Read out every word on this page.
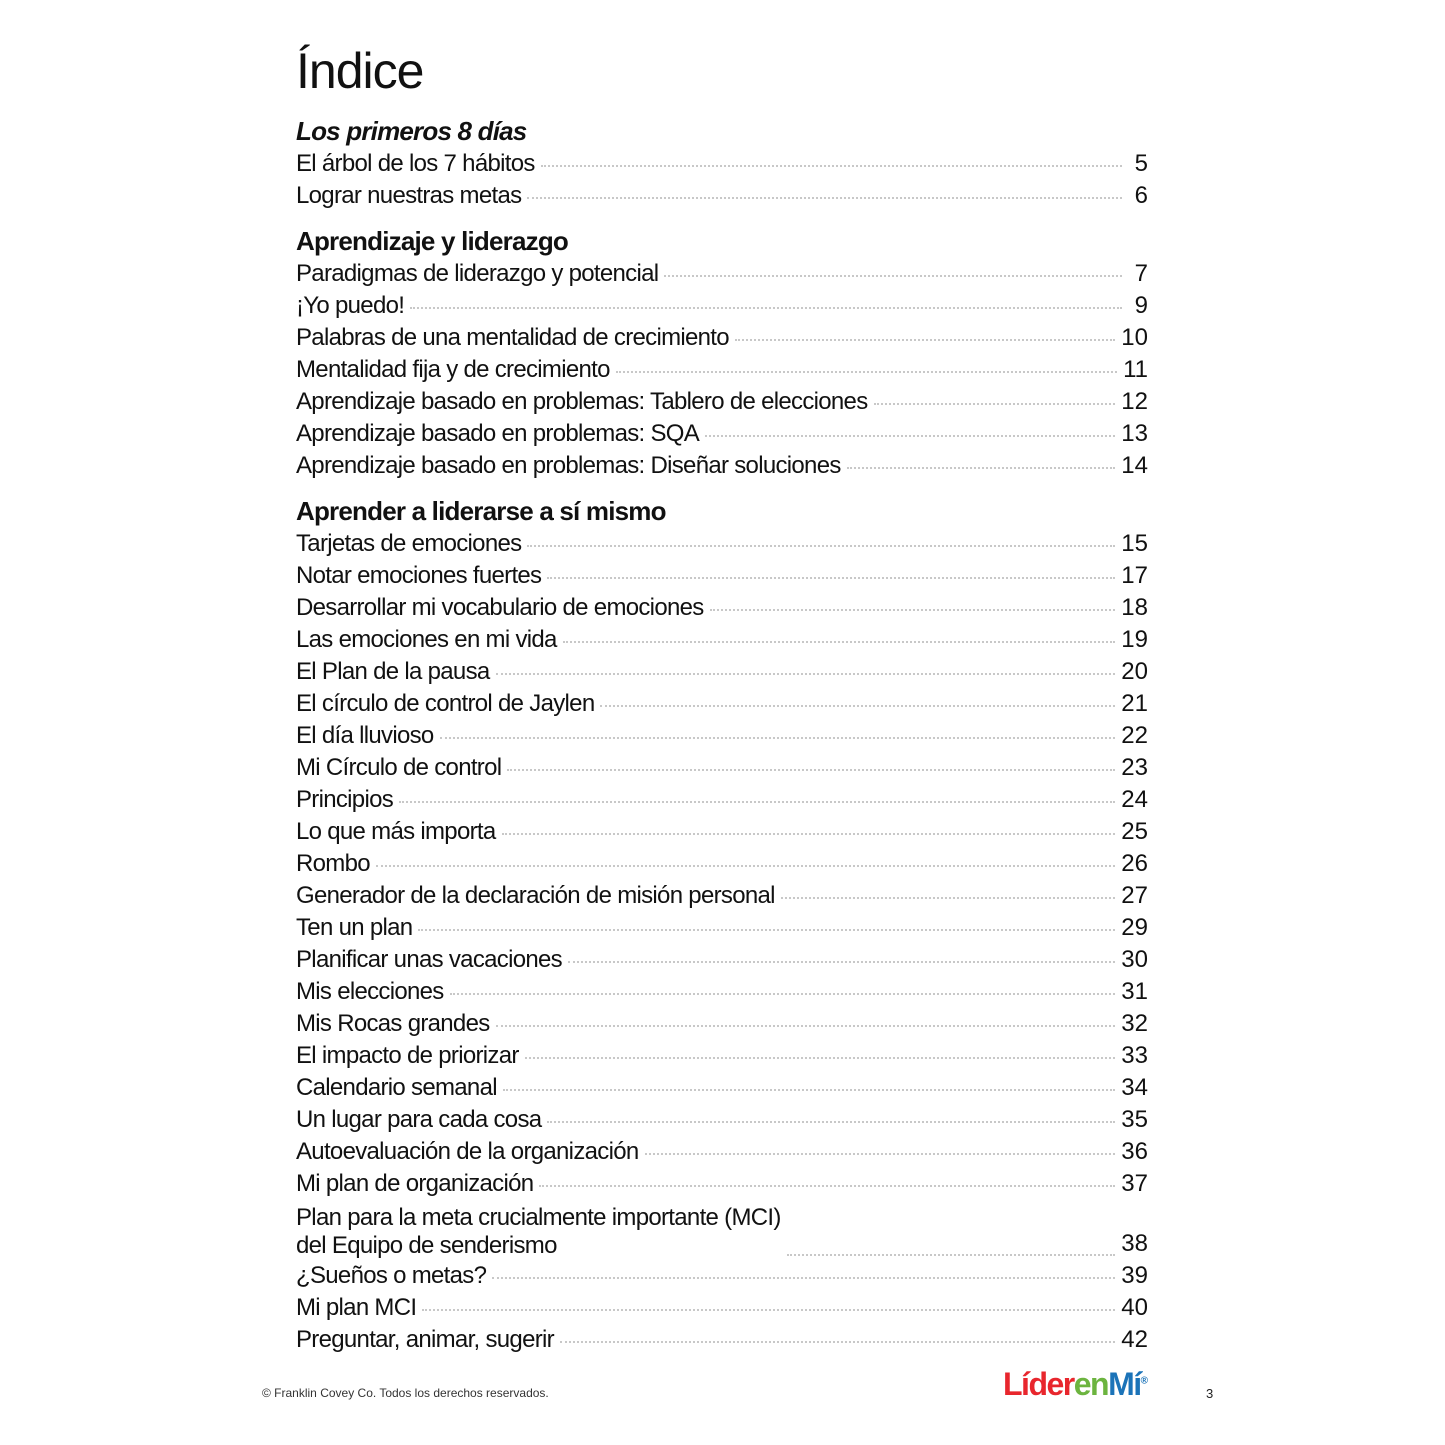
Índice
Los primeros 8 días
El árbol de los 7 hábitos	5
Lograr nuestras metas	6
Aprendizaje y liderazgo
Paradigmas de liderazgo y potencial	7
¡Yo puedo!	9
Palabras de una mentalidad de crecimiento	10
Mentalidad fija y de crecimiento	11
Aprendizaje basado en problemas: Tablero de elecciones	12
Aprendizaje basado en problemas: SQA	13
Aprendizaje basado en problemas: Diseñar soluciones	14
Aprender a liderarse a sí mismo
Tarjetas de emociones	15
Notar emociones fuertes	17
Desarrollar mi vocabulario de emociones	18
Las emociones en mi vida	19
El Plan de la pausa	20
El círculo de control de Jaylen	21
El día lluvioso	22
Mi Círculo de control	23
Principios	24
Lo que más importa	25
Rombo	26
Generador de la declaración de misión personal	27
Ten un plan	29
Planificar unas vacaciones	30
Mis elecciones	31
Mis Rocas grandes	32
El impacto de priorizar	33
Calendario semanal	34
Un lugar para cada cosa	35
Autoevaluación de la organización	36
Mi plan de organización	37
Plan para la meta crucialmente importante (MCI)
del Equipo de senderismo	38
¿Sueños o metas?	39
Mi plan MCI	40
Preguntar, animar, sugerir	42
© Franklin Covey Co. Todos los derechos reservados.	LíderenMí®
3
